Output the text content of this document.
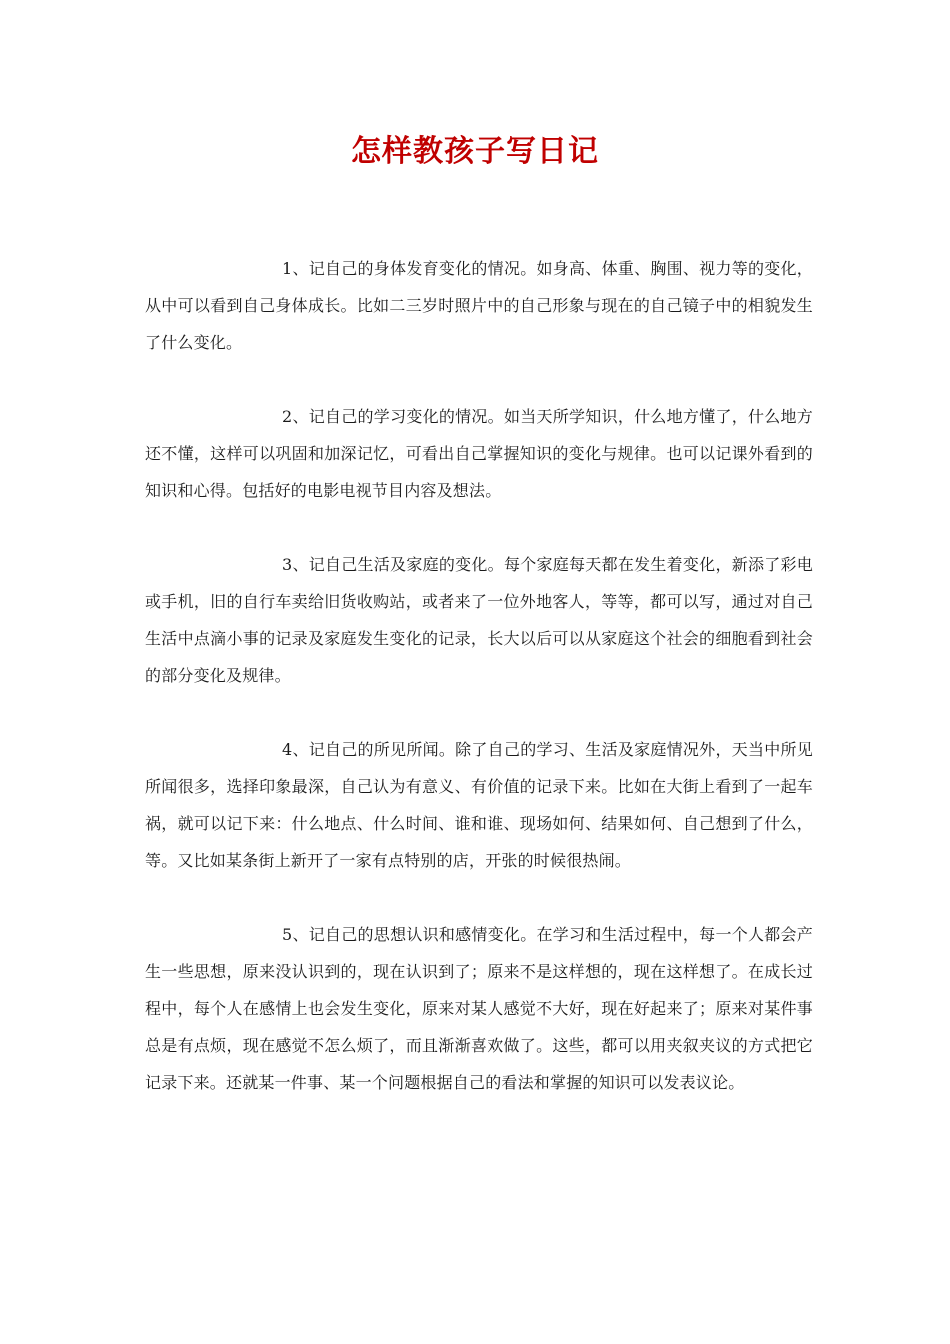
怎样教孩子写日记

1、记自己的身体发育变化的情况。如身高、体重、胸围、视力等的变化，从中可以看到自己身体成长。比如二三岁时照片中的自己形象与现在的自己镜子中的相貌发生了什么变化。

2、记自己的学习变化的情况。如当天所学知识，什么地方懂了，什么地方还不懂，这样可以巩固和加深记忆，可看出自己掌握知识的变化与规律。也可以记课外看到的知识和心得。包括好的电影电视节目内容及想法。

3、记自己生活及家庭的变化。每个家庭每天都在发生着变化，新添了彩电或手机，旧的自行车卖给旧货收购站，或者来了一位外地客人，等等，都可以写，通过对自己生活中点滴小事的记录及家庭发生变化的记录，长大以后可以从家庭这个社会的细胞看到社会的部分变化及规律。

4、记自己的所见所闻。除了自己的学习、生活及家庭情况外，天当中所见所闻很多，选择印象最深，自己认为有意义、有价值的记录下来。比如在大街上看到了一起车祸，就可以记下来：什么地点、什么时间、谁和谁、现场如何、结果如何、自己想到了什么，等。又比如某条街上新开了一家有点特别的店，开张的时候很热闹。

5、记自己的思想认识和感情变化。在学习和生活过程中，每一个人都会产生一些思想，原来没认识到的，现在认识到了；原来不是这样想的，现在这样想了。在成长过程中，每个人在感情上也会发生变化，原来对某人感觉不大好，现在好起来了；原来对某件事总是有点烦，现在感觉不怎么烦了，而且渐渐喜欢做了。这些，都可以用夹叙夹议的方式把它记录下来。还就某一件事、某一个问题根据自己的看法和掌握的知识可以发表议论。
